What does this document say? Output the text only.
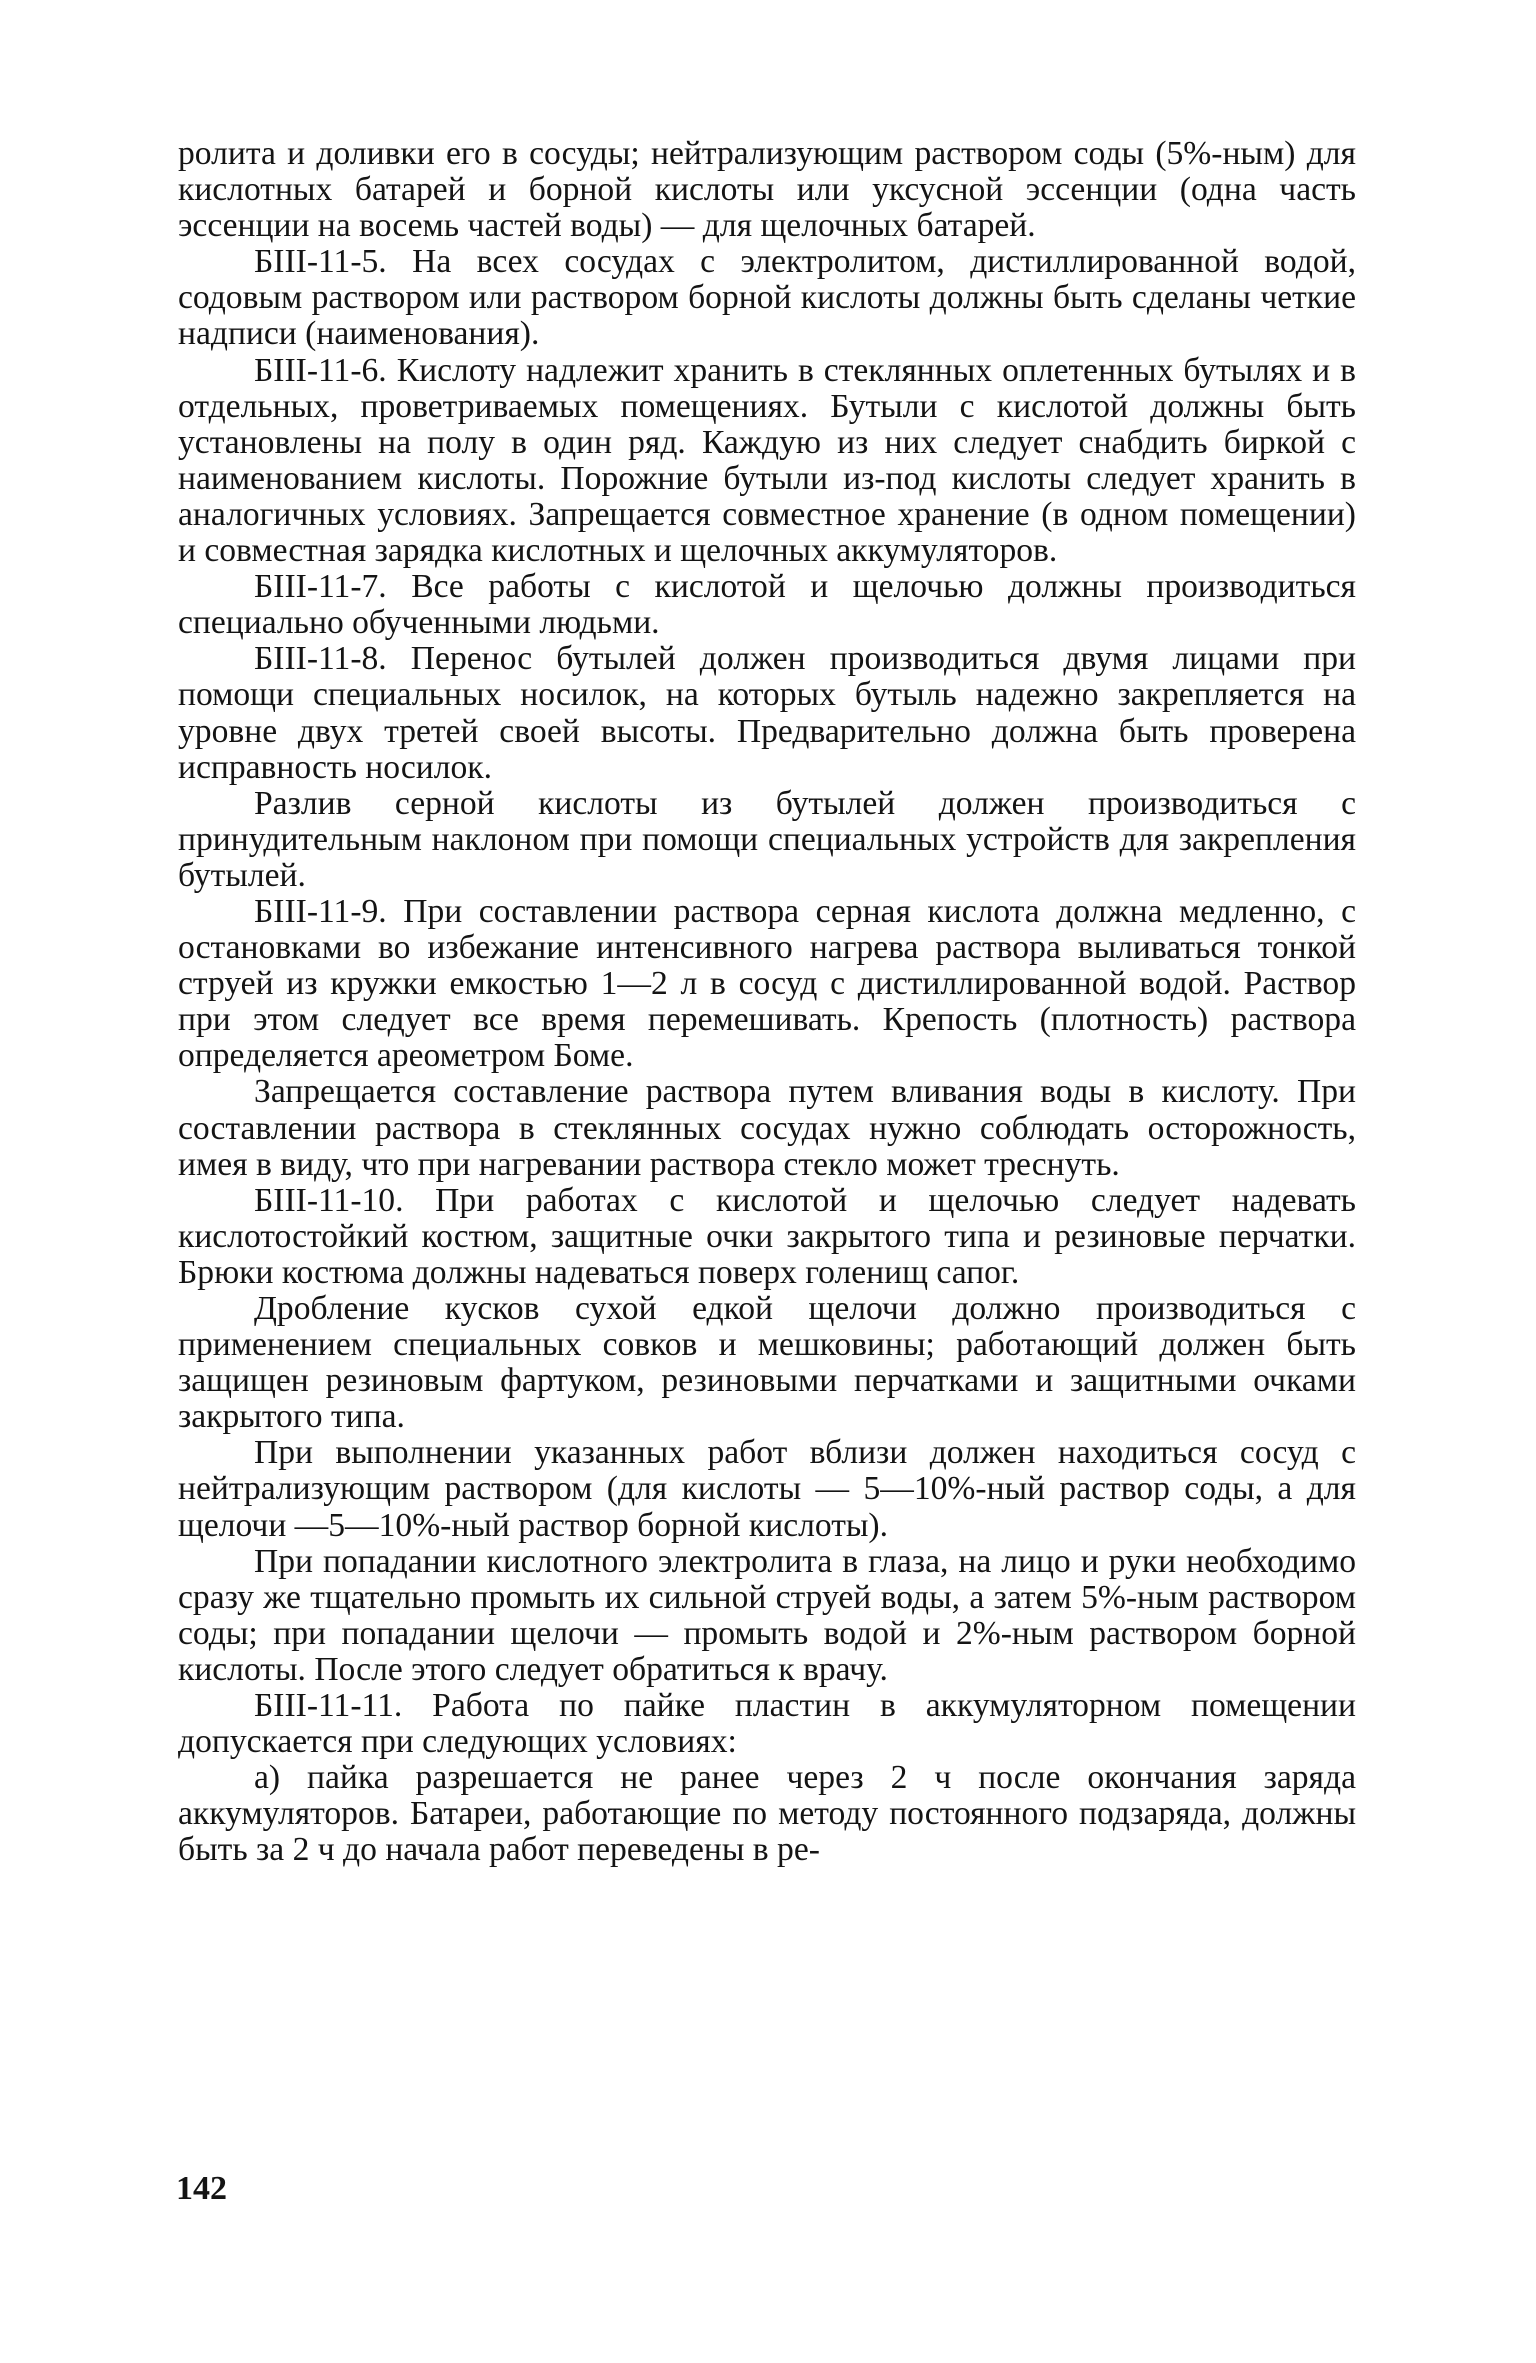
ролита и доливки его в сосуды; нейтрализующим раствором соды (5%-ным) для кислотных батарей и борной кислоты или уксусной эссенции (одна часть эссенции на восемь частей воды) — для щелочных батарей.

БIII-11-5. На всех сосудах с электролитом, дистиллированной водой, содовым раствором или раствором борной кислоты должны быть сделаны четкие надписи (наименования).

БIII-11-6. Кислоту надлежит хранить в стеклянных оплетенных бутылях и в отдельных, проветриваемых помещениях. Бутыли с кислотой должны быть установлены на полу в один ряд. Каждую из них следует снабдить биркой с наименованием кислоты. Порожние бутыли из-под кислоты следует хранить в аналогичных условиях. Запрещается совместное хранение (в одном помещении) и совместная зарядка кислотных и щелочных аккумуляторов.

БIII-11-7. Все работы с кислотой и щелочью должны производиться специально обученными людьми.

БIII-11-8. Перенос бутылей должен производиться двумя лицами при помощи специальных носилок, на которых бутыль надежно закрепляется на уровне двух третей своей высоты. Предварительно должна быть проверена исправность носилок.

Разлив серной кислоты из бутылей должен производиться с принудительным наклоном при помощи специальных устройств для закрепления бутылей.

БIII-11-9. При составлении раствора серная кислота должна медленно, с остановками во избежание интенсивного нагрева раствора выливаться тонкой струей из кружки емкостью 1—2 л в сосуд с дистиллированной водой. Раствор при этом следует все время перемешивать. Крепость (плотность) раствора определяется ареометром Боме.

Запрещается составление раствора путем вливания воды в кислоту. При составлении раствора в стеклянных сосудах нужно соблюдать осторожность, имея в виду, что при нагревании раствора стекло может треснуть.

БIII-11-10. При работах с кислотой и щелочью следует надевать кислотостойкий костюм, защитные очки закрытого типа и резиновые перчатки. Брюки костюма должны надеваться поверх голенищ сапог.

Дробление кусков сухой едкой щелочи должно производиться с применением специальных совков и мешковины; работающий должен быть защищен резиновым фартуком, резиновыми перчатками и защитными очками закрытого типа.

При выполнении указанных работ вблизи должен находиться сосуд с нейтрализующим раствором (для кислоты — 5—10%-ный раствор соды, а для щелочи —5—10%-ный раствор борной кислоты).

При попадании кислотного электролита в глаза, на лицо и руки необходимо сразу же тщательно промыть их сильной струей воды, а затем 5%-ным раствором соды; при попадании щелочи — промыть водой и 2%-ным раствором борной кислоты. После этого следует обратиться к врачу.

БIII-11-11. Работа по пайке пластин в аккумуляторном помещении допускается при следующих условиях:

а) пайка разрешается не ранее через 2 ч после окончания заряда аккумуляторов. Батареи, работающие по методу постоянного подзаряда, должны быть за 2 ч до начала работ переведены в ре-

142
